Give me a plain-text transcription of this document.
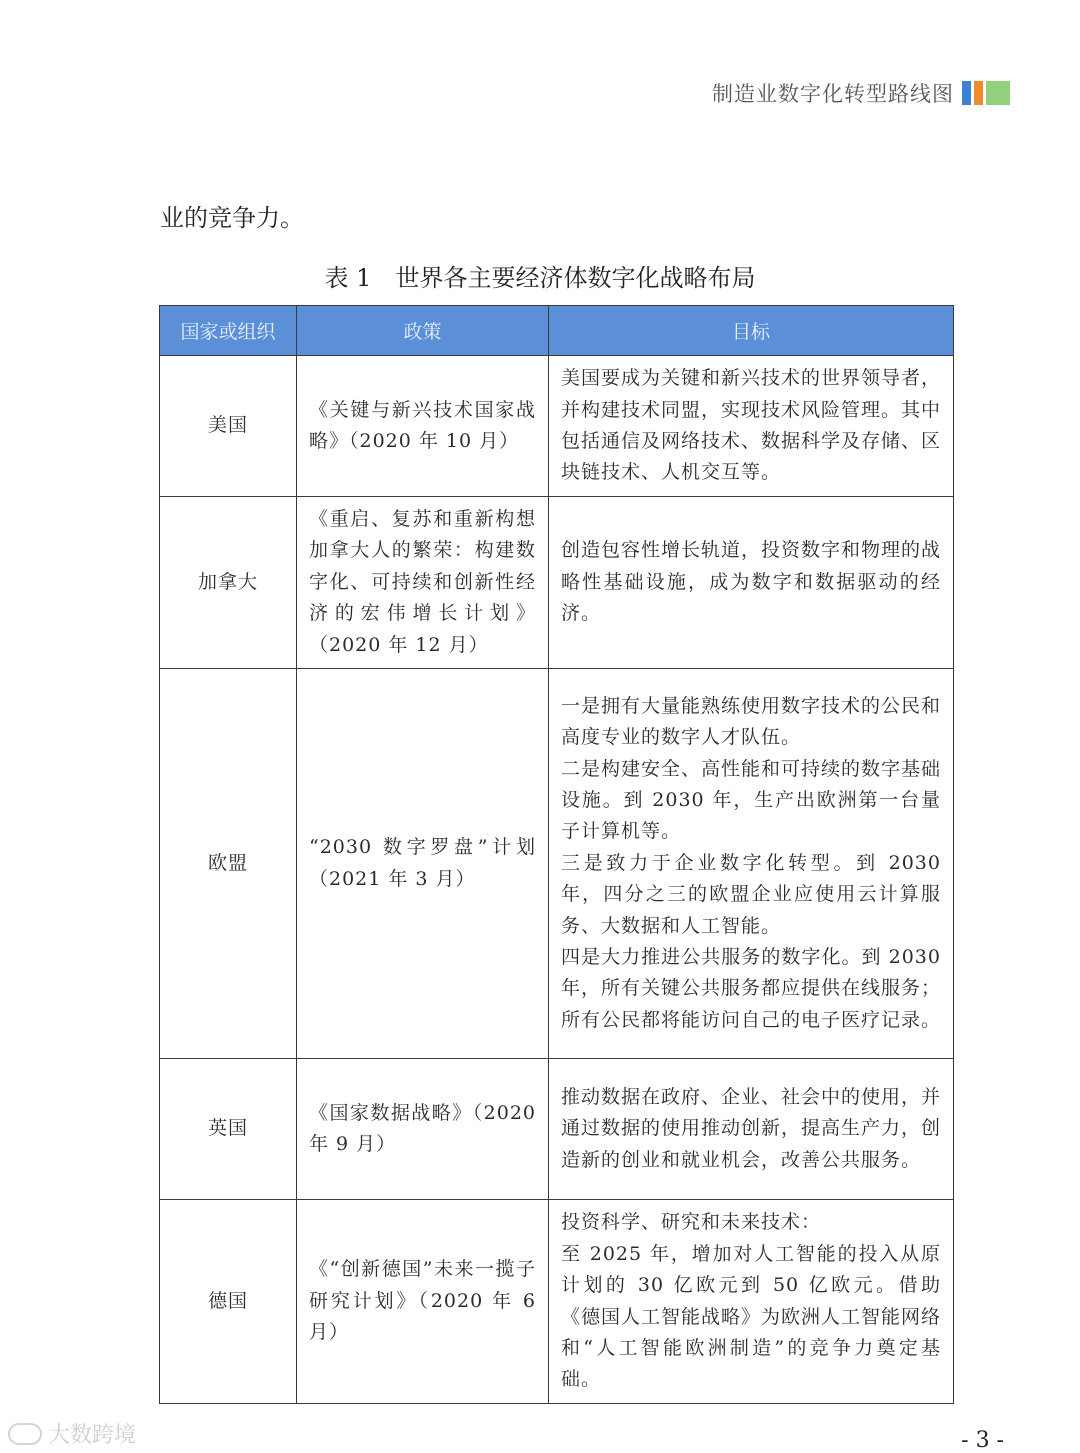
制造业数字化转型路线图
业的竞争力。
表 1　世界各主要经济体数字化战略布局
国家或组织	政策	目标
美国	《关键与新兴技术国家战略》（2020 年 10 月）	美国要成为关键和新兴技术的世界领导者，并构建技术同盟，实现技术风险管理。其中包括通信及网络技术、数据科学及存储、区块链技术、人机交互等。

加拿大	《重启、复苏和重新构想加拿大人的繁荣：构建数字化、可持续和创新性经济的宏伟增长计划》（2020 年 12 月）	创造包容性增长轨道，投资数字和物理的战略性基础设施，成为数字和数据驱动的经济。

欧盟	“2030 数字罗盘”计划（2021 年 3 月）	一是拥有大量能熟练使用数字技术的公民和高度专业的数字人才队伍。
二是构建安全、高性能和可持续的数字基础设施。到 2030 年，生产出欧洲第一台量子计算机等。
三是致力于企业数字化转型。到 2030 年，四分之三的欧盟企业应使用云计算服务、大数据和人工智能。
四是大力推进公共服务的数字化。到 2030 年，所有关键公共服务都应提供在线服务；所有公民都将能访问自己的电子医疗记录。

英国	《国家数据战略》（2020 年 9 月）	推动数据在政府、企业、社会中的使用，并通过数据的使用推动创新，提高生产力，创造新的创业和就业机会，改善公共服务。

德国	《“创新德国”未来一揽子研究计划》（2020 年 6 月）	投资科学、研究和未来技术：
至 2025 年，增加对人工智能的投入从原计划的 30 亿欧元到 50 亿欧元。借助《德国人工智能战略》为欧洲人工智能网络和“人工智能欧洲制造”的竞争力奠定基础。
大数跨境	- 3 -
